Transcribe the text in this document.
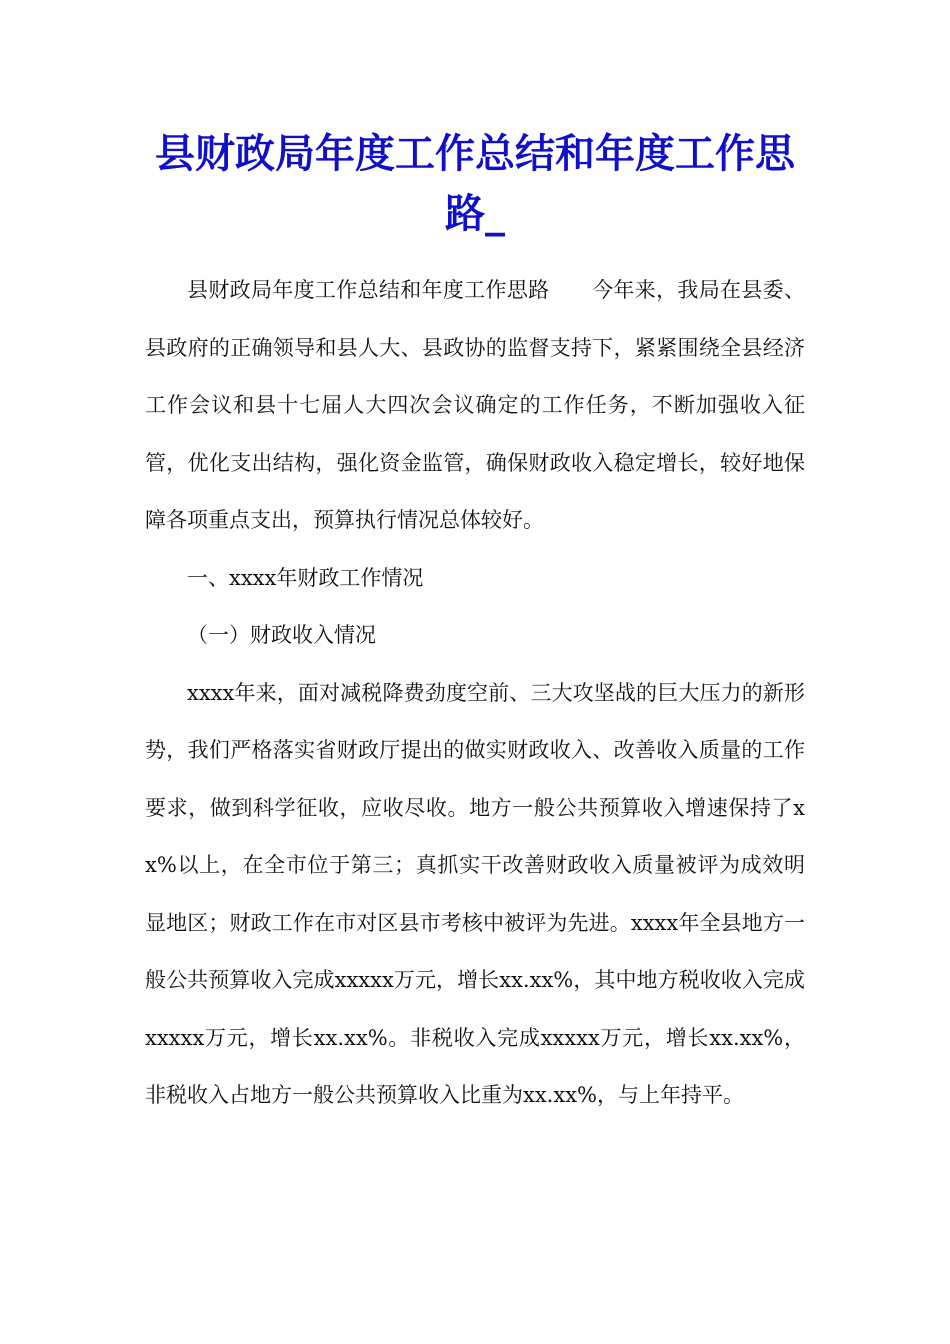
县财政局年度工作总结和年度工作思路_

县财政局年度工作总结和年度工作思路　　今年来，我局在县委、县政府的正确领导和县人大、县政协的监督支持下，紧紧围绕全县经济工作会议和县十七届人大四次会议确定的工作任务，不断加强收入征管，优化支出结构，强化资金监管，确保财政收入稳定增长，较好地保障各项重点支出，预算执行情况总体较好。

一、xxxx年财政工作情况

（一）财政收入情况

xxxx年来，面对减税降费劲度空前、三大攻坚战的巨大压力的新形势，我们严格落实省财政厅提出的做实财政收入、改善收入质量的工作要求，做到科学征收，应收尽收。地方一般公共预算收入增速保持了xx%以上，在全市位于第三；真抓实干改善财政收入质量被评为成效明显地区；财政工作在市对区县市考核中被评为先进。xxxx年全县地方一般公共预算收入完成xxxxx万元，增长xx.xx%，其中地方税收收入完成xxxxx万元，增长xx.xx%。非税收入完成xxxxx万元，增长xx.xx%，非税收入占地方一般公共预算收入比重为xx.xx%，与上年持平。
